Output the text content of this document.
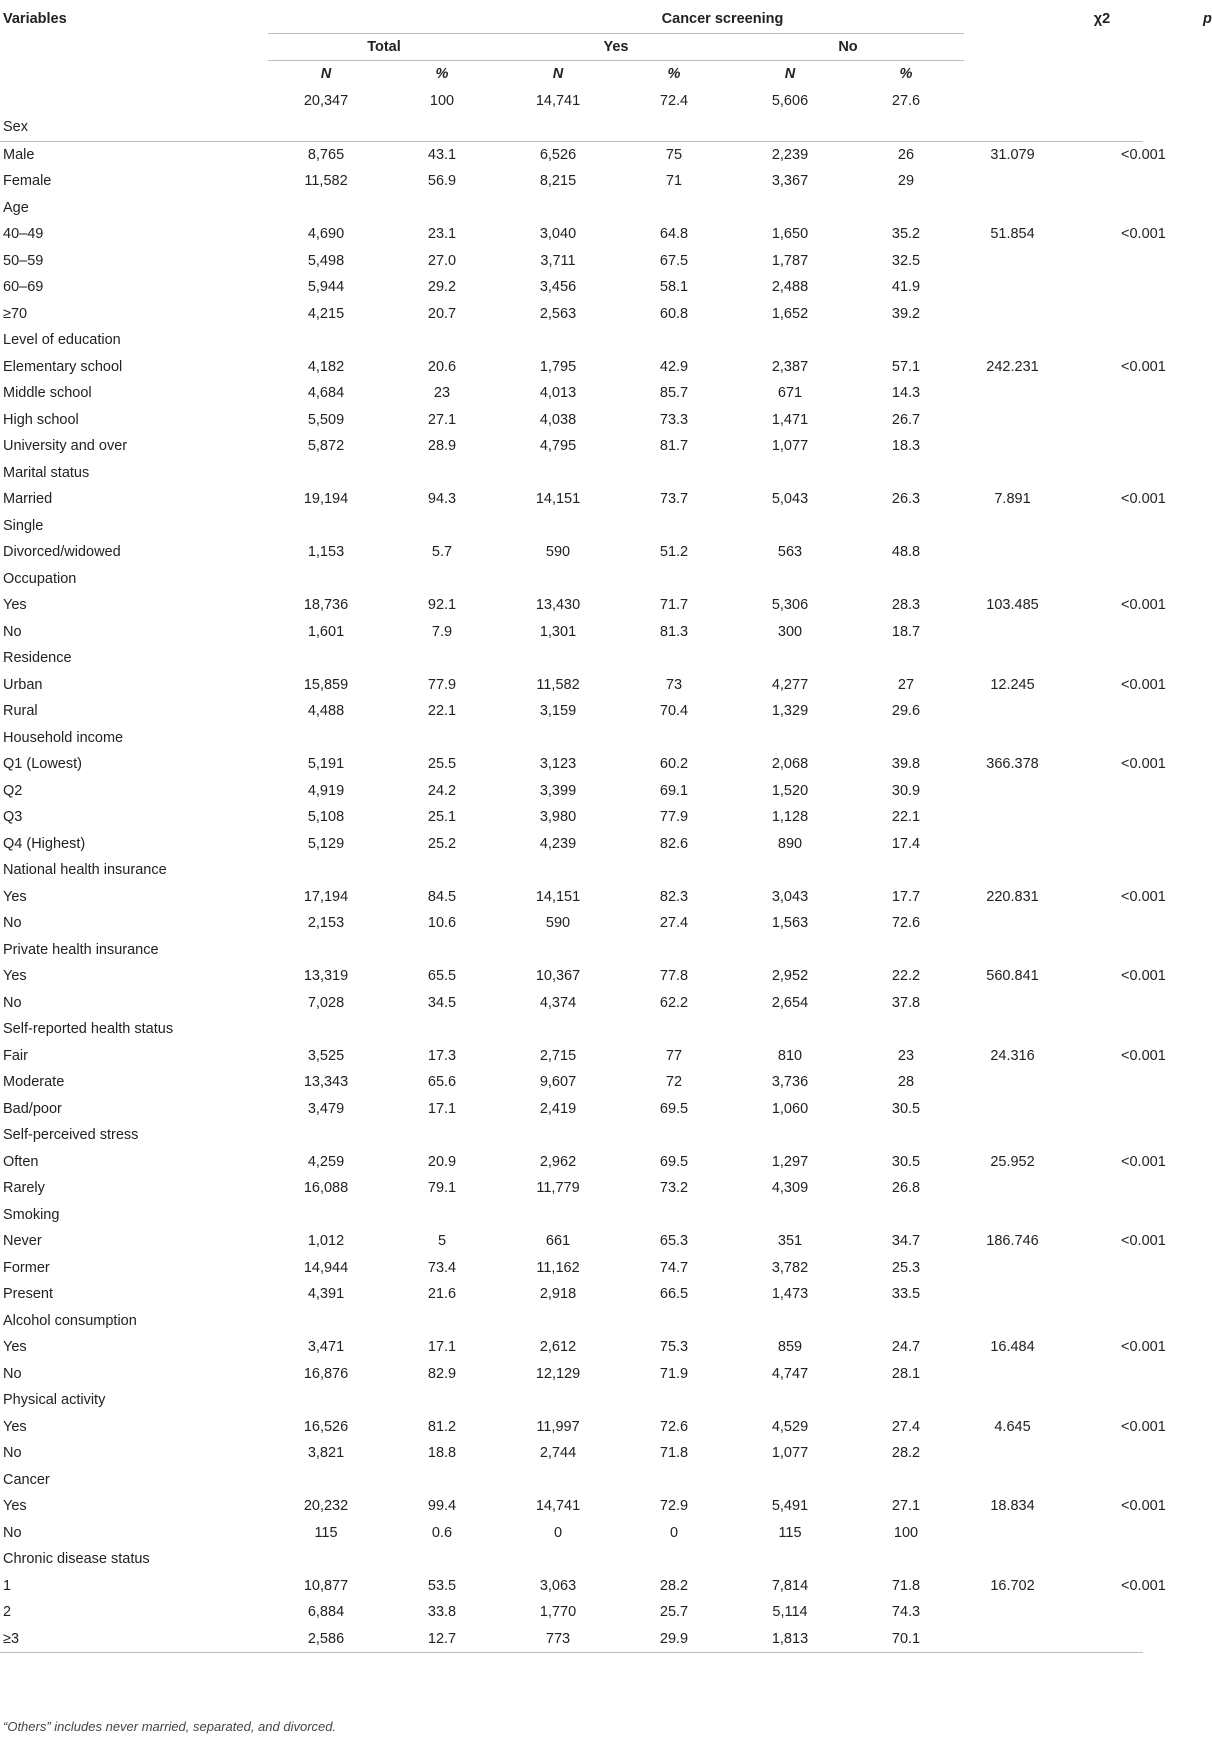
Variables		Cancer screening						χ2	p
	Total		Yes		No				
	N	%	N	%	N	%			
	20,347	100	14,741	72.4	5,606	27.6			
Sex									
Male	8,765	43.1	6,526	75	2,239	26	31.079	<0.001	
Female	11,582	56.9	8,215	71	3,367	29			
Age									
40–49	4,690	23.1	3,040	64.8	1,650	35.2	51.854	<0.001	
50–59	5,498	27.0	3,711	67.5	1,787	32.5			
60–69	5,944	29.2	3,456	58.1	2,488	41.9			
≥70	4,215	20.7	2,563	60.8	1,652	39.2			
Level of education									
Elementary school	4,182	20.6	1,795	42.9	2,387	57.1	242.231	<0.001	
Middle school	4,684	23	4,013	85.7	671	14.3			
High school	5,509	27.1	4,038	73.3	1,471	26.7			
University and over	5,872	28.9	4,795	81.7	1,077	18.3			
Marital status									
Married	19,194	94.3	14,151	73.7	5,043	26.3	7.891	<0.001	
Single									
Divorced/widowed	1,153	5.7	590	51.2	563	48.8			
Occupation									
Yes	18,736	92.1	13,430	71.7	5,306	28.3	103.485	<0.001	
No	1,601	7.9	1,301	81.3	300	18.7			
Residence									
Urban	15,859	77.9	11,582	73	4,277	27	12.245	<0.001	
Rural	4,488	22.1	3,159	70.4	1,329	29.6			
Household income									
Q1 (Lowest)	5,191	25.5	3,123	60.2	2,068	39.8	366.378	<0.001	
Q2	4,919	24.2	3,399	69.1	1,520	30.9			
Q3	5,108	25.1	3,980	77.9	1,128	22.1			
Q4 (Highest)	5,129	25.2	4,239	82.6	890	17.4			
National health insurance									
Yes	17,194	84.5	14,151	82.3	3,043	17.7	220.831	<0.001	
No	2,153	10.6	590	27.4	1,563	72.6			
Private health insurance									
Yes	13,319	65.5	10,367	77.8	2,952	22.2	560.841	<0.001	
No	7,028	34.5	4,374	62.2	2,654	37.8			
Self-reported health status									
Fair	3,525	17.3	2,715	77	810	23	24.316	<0.001	
Moderate	13,343	65.6	9,607	72	3,736	28			
Bad/poor	3,479	17.1	2,419	69.5	1,060	30.5			
Self-perceived stress									
Often	4,259	20.9	2,962	69.5	1,297	30.5	25.952	<0.001	
Rarely	16,088	79.1	11,779	73.2	4,309	26.8			
Smoking									
Never	1,012	5	661	65.3	351	34.7	186.746	<0.001	
Former	14,944	73.4	11,162	74.7	3,782	25.3			
Present	4,391	21.6	2,918	66.5	1,473	33.5			
Alcohol consumption									
Yes	3,471	17.1	2,612	75.3	859	24.7	16.484	<0.001	
No	16,876	82.9	12,129	71.9	4,747	28.1			
Physical activity									
Yes	16,526	81.2	11,997	72.6	4,529	27.4	4.645	<0.001	
No	3,821	18.8	2,744	71.8	1,077	28.2			
Cancer									
Yes	20,232	99.4	14,741	72.9	5,491	27.1	18.834	<0.001	
No	115	0.6	0	0	115	100			
Chronic disease status									
1	10,877	53.5	3,063	28.2	7,814	71.8	16.702	<0.001	
2	6,884	33.8	1,770	25.7	5,114	74.3			
≥3	2,586	12.7	773	29.9	1,813	70.1			
“Others” includes never married, separated, and divorced.
